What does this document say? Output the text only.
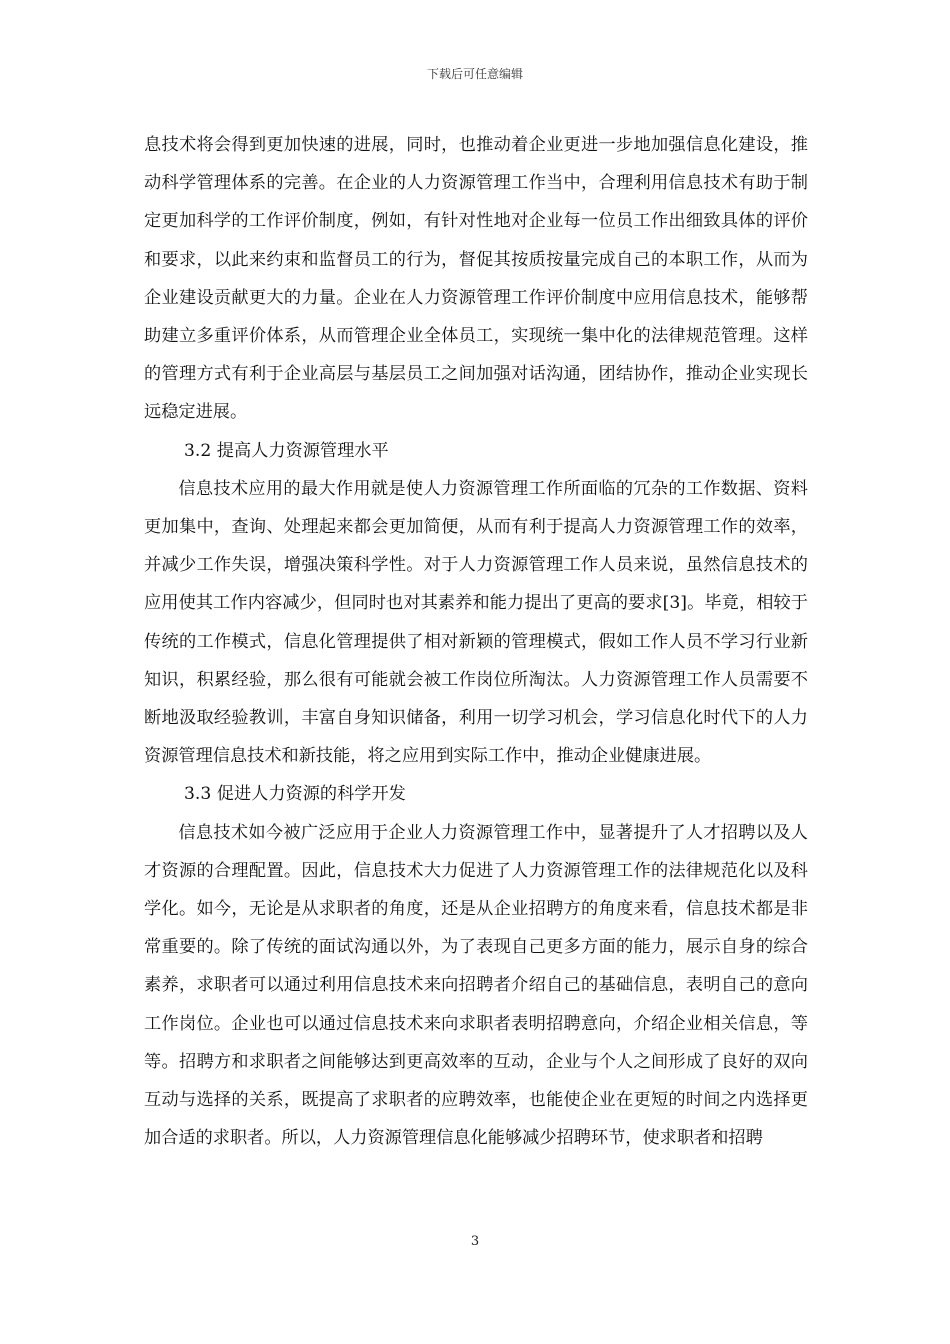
下载后可任意编辑

息技术将会得到更加快速的进展，同时，也推动着企业更进一步地加强信息化建设，推动科学管理体系的完善。在企业的人力资源管理工作当中，合理利用信息技术有助于制定更加科学的工作评价制度，例如，有针对性地对企业每一位员工作出细致具体的评价和要求，以此来约束和监督员工的行为，督促其按质按量完成自己的本职工作，从而为企业建设贡献更大的力量。企业在人力资源管理工作评价制度中应用信息技术，能够帮助建立多重评价体系，从而管理企业全体员工，实现统一集中化的法律规范管理。这样的管理方式有利于企业高层与基层员工之间加强对话沟通，团结协作，推动企业实现长远稳定进展。

3.2 提高人力资源管理水平

信息技术应用的最大作用就是使人力资源管理工作所面临的冗杂的工作数据、资料更加集中，查询、处理起来都会更加简便，从而有利于提高人力资源管理工作的效率，并减少工作失误，增强决策科学性。对于人力资源管理工作人员来说，虽然信息技术的应用使其工作内容减少，但同时也对其素养和能力提出了更高的要求[3]。毕竟，相较于传统的工作模式，信息化管理提供了相对新颖的管理模式，假如工作人员不学习行业新知识，积累经验，那么很有可能就会被工作岗位所淘汰。人力资源管理工作人员需要不断地汲取经验教训，丰富自身知识储备，利用一切学习机会，学习信息化时代下的人力资源管理信息技术和新技能，将之应用到实际工作中，推动企业健康进展。

3.3 促进人力资源的科学开发

信息技术如今被广泛应用于企业人力资源管理工作中，显著提升了人才招聘以及人才资源的合理配置。因此，信息技术大力促进了人力资源管理工作的法律规范化以及科学化。如今，无论是从求职者的角度，还是从企业招聘方的角度来看，信息技术都是非常重要的。除了传统的面试沟通以外，为了表现自己更多方面的能力，展示自身的综合素养，求职者可以通过利用信息技术来向招聘者介绍自己的基础信息，表明自己的意向工作岗位。企业也可以通过信息技术来向求职者表明招聘意向，介绍企业相关信息，等等。招聘方和求职者之间能够达到更高效率的互动，企业与个人之间形成了良好的双向互动与选择的关系，既提高了求职者的应聘效率，也能使企业在更短的时间之内选择更加合适的求职者。所以，人力资源管理信息化能够减少招聘环节，使求职者和招聘

3
